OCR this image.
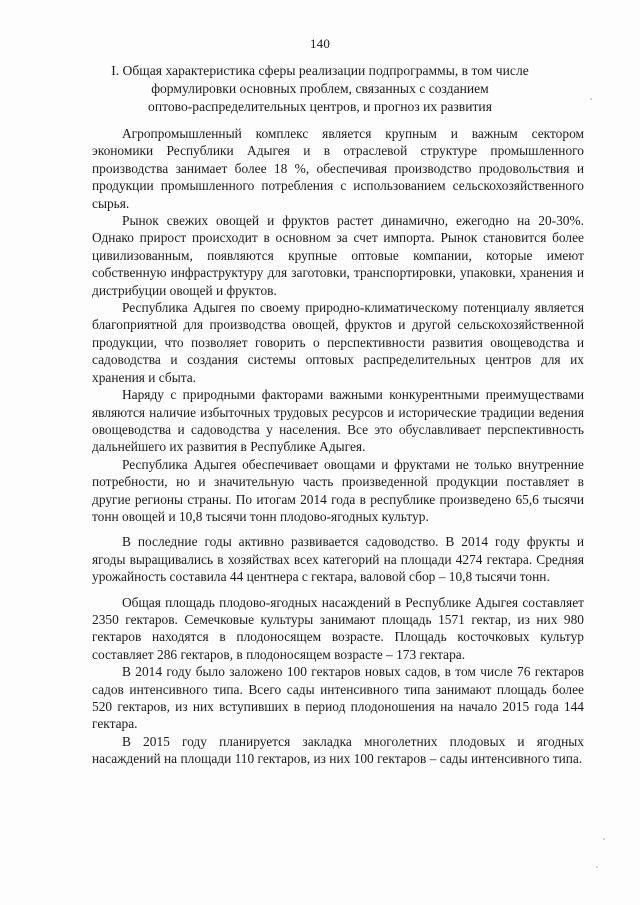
140
I. Общая характеристика сферы реализации подпрограммы, в том числе
формулировки основных проблем, связанных с созданием
оптово-распределительных центров, и прогноз их развития

Агропромышленный комплекс является крупным и важным сектором экономики Республики Адыгея и в отраслевой структуре промышленного производства занимает более 18 %, обеспечивая производство продовольствия и продукции промышленного потребления с использованием сельскохозяйственного сырья.

Рынок свежих овощей и фруктов растет динамично, ежегодно на 20-30%. Однако прирост происходит в основном за счет импорта. Рынок становится более цивилизованным, появляются крупные оптовые компании, которые имеют собственную инфраструктуру для заготовки, транспортировки, упаковки, хранения и дистрибуции овощей и фруктов.

Республика Адыгея по своему природно-климатическому потенциалу является благоприятной для производства овощей, фруктов и другой сельскохозяйственной продукции, что позволяет говорить о перспективности развития овощеводства и садоводства и создания системы оптовых распределительных центров для их хранения и сбыта.

Наряду с природными факторами важными конкурентными преимуществами являются наличие избыточных трудовых ресурсов и исторические традиции ведения овощеводства и садоводства у населения. Все это обуславливает перспективность дальнейшего их развития в Республике Адыгея.

Республика Адыгея обеспечивает овощами и фруктами не только внутренние потребности, но и значительную часть произведенной продукции поставляет в другие регионы страны. По итогам 2014 года в республике произведено 65,6 тысячи тонн овощей и 10,8 тысячи тонн плодово-ягодных культур.

В последние годы активно развивается садоводство. В 2014 году фрукты и ягоды выращивались в хозяйствах всех категорий на площади 4274 гектара. Средняя урожайность составила 44 центнера с гектара, валовой сбор – 10,8 тысячи тонн.

Общая площадь плодово-ягодных насаждений в Республике Адыгея составляет 2350 гектаров. Семечковые культуры занимают площадь 1571 гектар, из них 980 гектаров находятся в плодоносящем возрасте. Площадь косточковых культур составляет 286 гектаров, в плодоносящем возрасте – 173 гектара.

В 2014 году было заложено 100 гектаров новых садов, в том числе 76 гектаров садов интенсивного типа. Всего сады интенсивного типа занимают площадь более 520 гектаров, из них вступивших в период плодоношения на начало 2015 года 144 гектара.

В 2015 году планируется закладка многолетних плодовых и ягодных насаждений на площади 110 гектаров, из них 100 гектаров – сады интенсивного типа.
